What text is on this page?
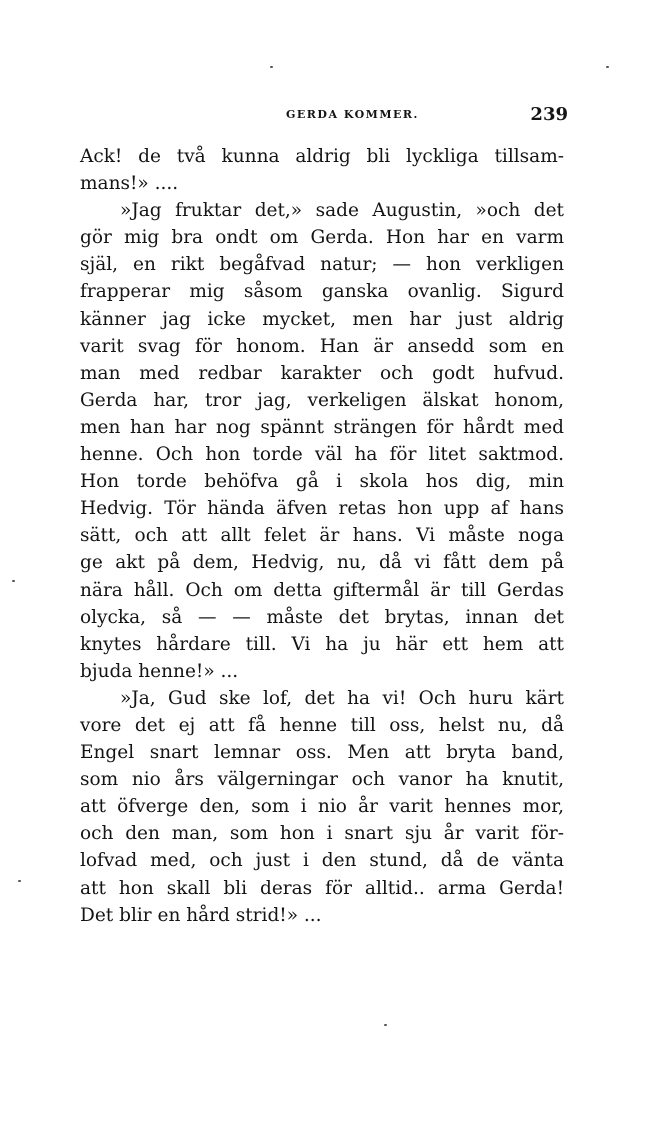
GERDA KOMMER.	239
Ack! de två kunna aldrig bli lyckliga tillsam-
mans!» ....
»Jag fruktar det,» sade Augustin, »och det
gör mig bra ondt om Gerda. Hon har en varm
själ, en rikt begåfvad natur; — hon verkligen
frapperar mig såsom ganska ovanlig. Sigurd
känner jag icke mycket, men har just aldrig
varit svag för honom. Han är ansedd som en
man med redbar karakter och godt hufvud.
Gerda har, tror jag, verkeligen älskat honom,
men han har nog spännt strängen för hårdt med
henne. Och hon torde väl ha för litet saktmod.
Hon torde behöfva gå i skola hos dig, min
Hedvig. Tör hända äfven retas hon upp af hans
sätt, och att allt felet är hans. Vi måste noga
ge akt på dem, Hedvig, nu, då vi fått dem på
nära håll. Och om detta giftermål är till Gerdas
olycka, så — — måste det brytas, innan det
knytes hårdare till. Vi ha ju här ett hem att
bjuda henne!» ...
»Ja, Gud ske lof, det ha vi! Och huru kärt
vore det ej att få henne till oss, helst nu, då
Engel snart lemnar oss. Men att bryta band,
som nio års välgerningar och vanor ha knutit,
att öfverge den, som i nio år varit hennes mor,
och den man, som hon i snart sju år varit för-
lofvad med, och just i den stund, då de vänta
att hon skall bli deras för alltid.. arma Gerda!
Det blir en hård strid!» ...
